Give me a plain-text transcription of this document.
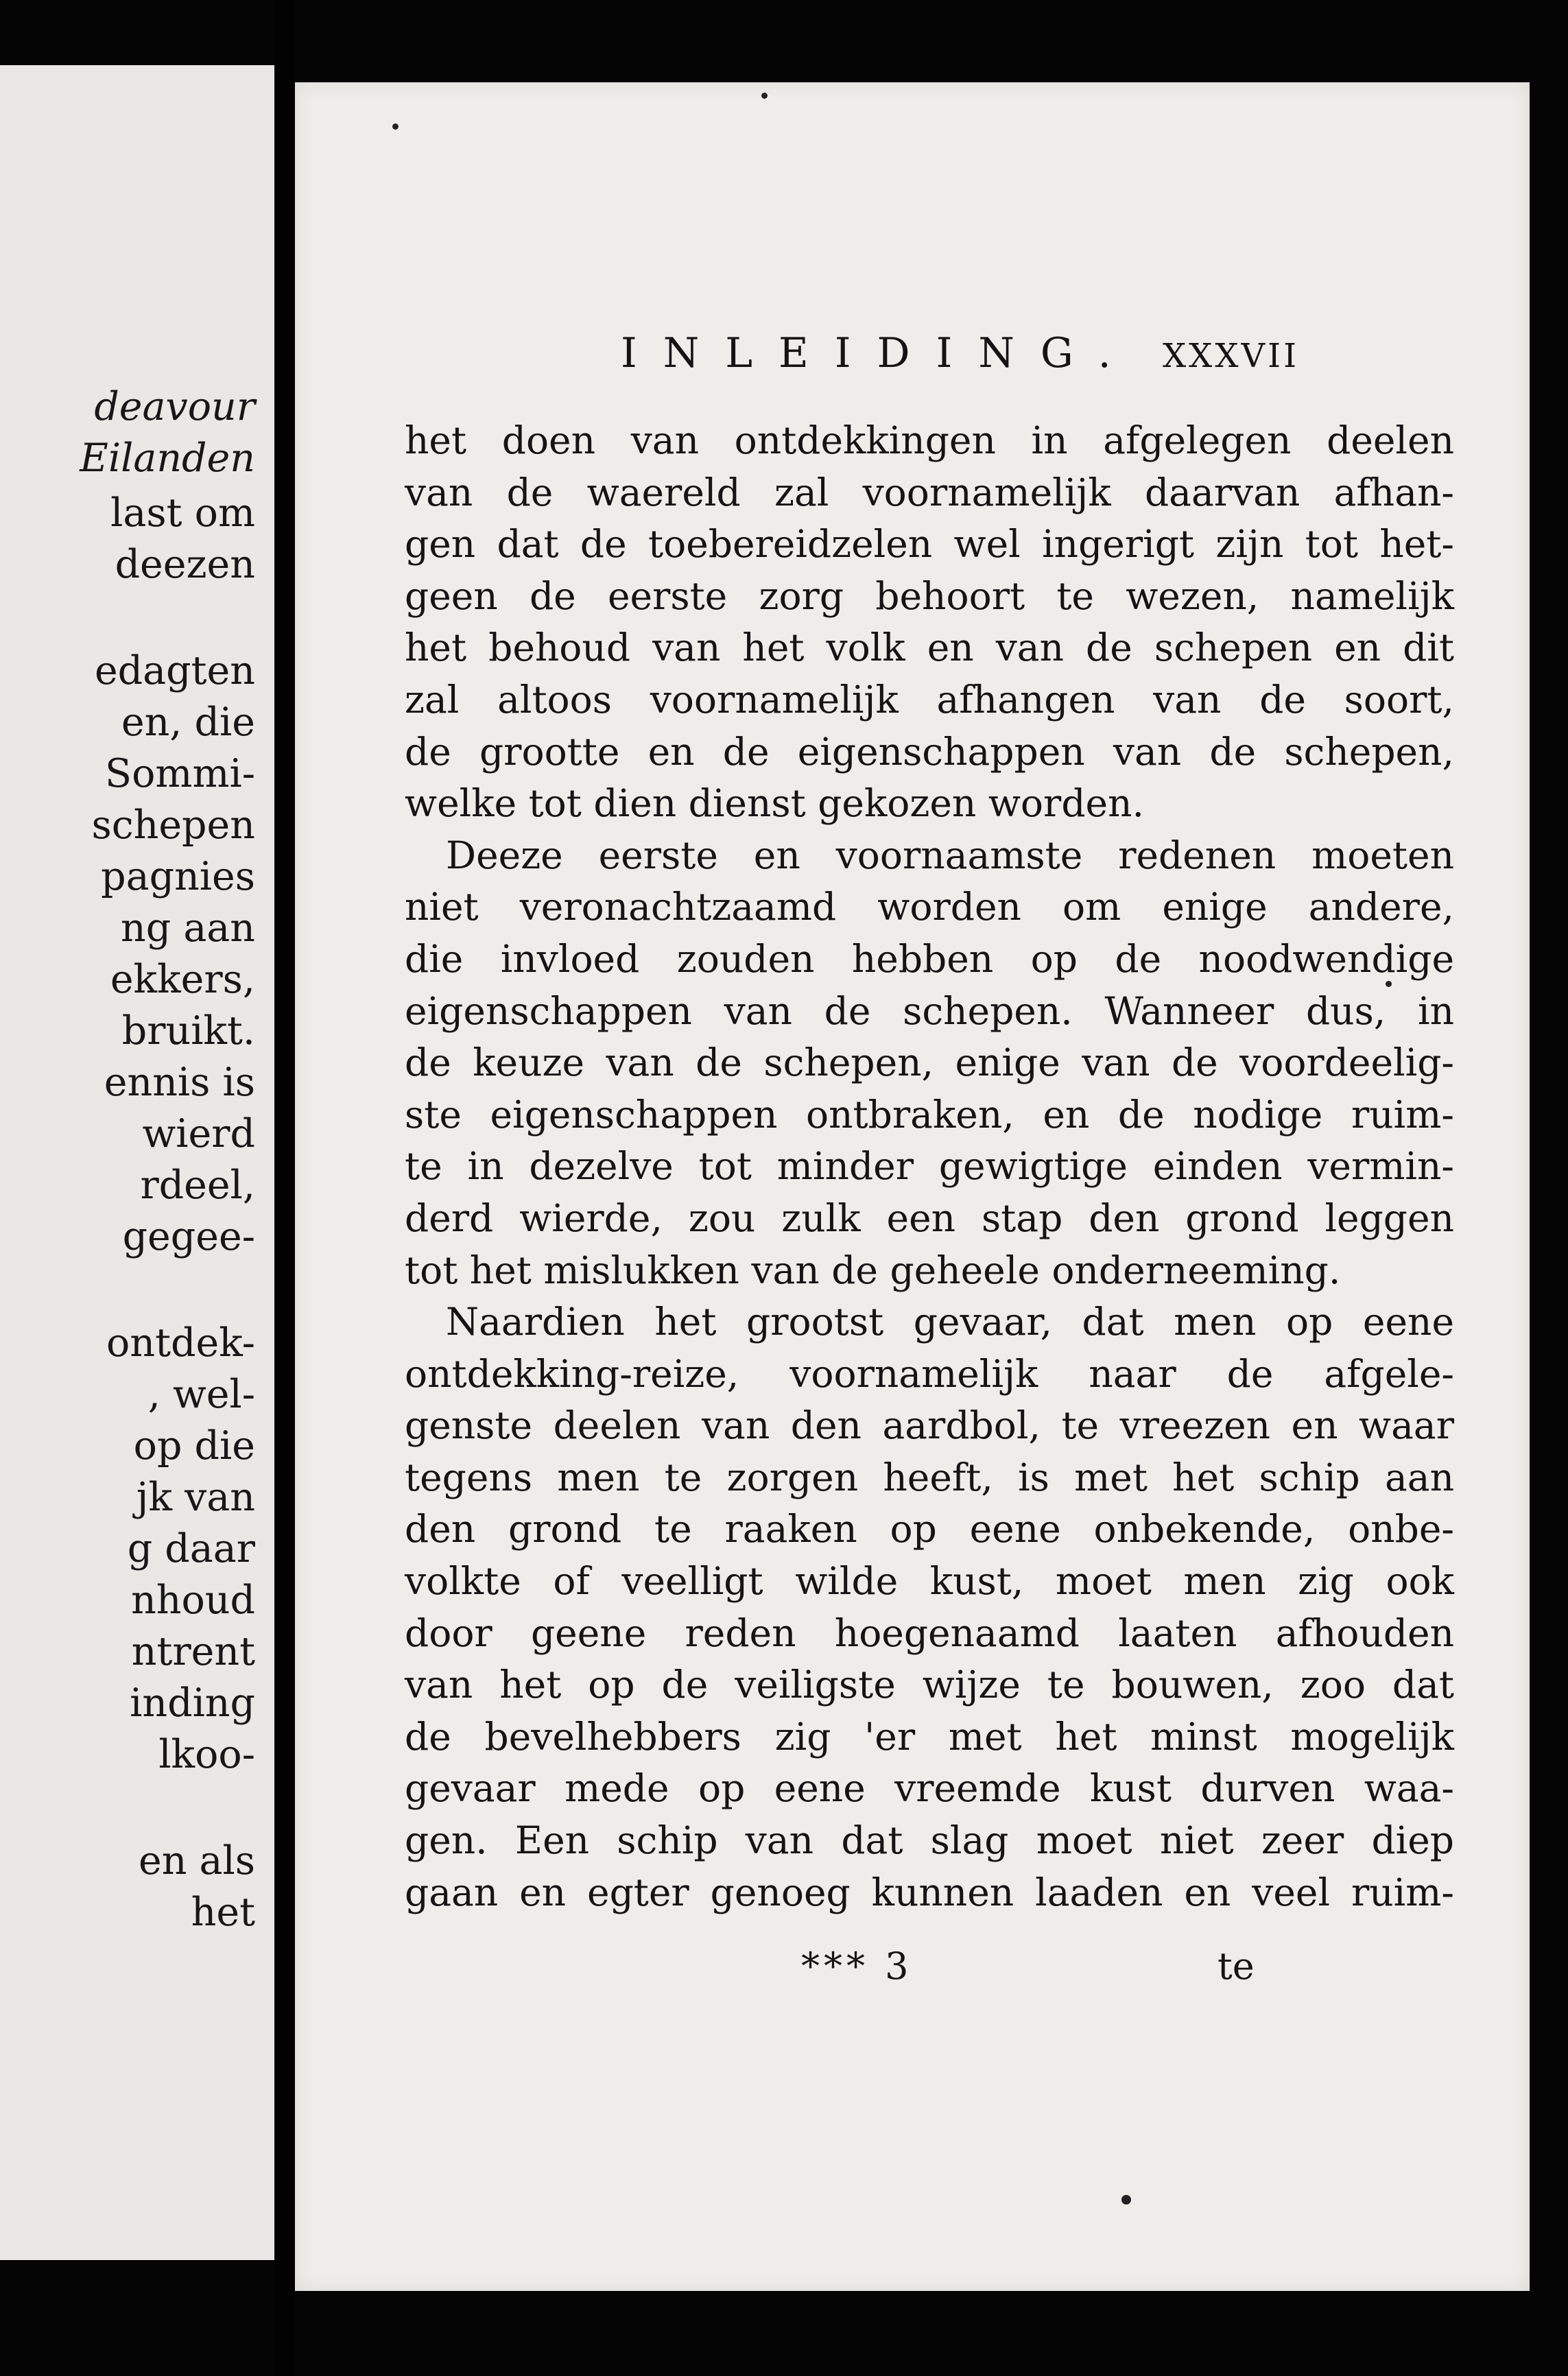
deavour

Eilanden

last om

deezen

edagten

en, die

Sommi-

schepen

pagnies

ng aan

ekkers,

bruikt.

ennis is

wierd

rdeel,

gegee-

ontdek-

, wel-

op die

jk van

g daar

nhoud

ntrent

inding

lkoo-

en als

het

INLEIDING. XXXVII

het doen van ontdekkingen in afgelegen deelen

van de waereld zal voornamelijk daarvan afhan-

gen dat de toebereidzelen wel ingerigt zijn tot het-

geen de eerste zorg behoort te wezen, namelijk

het behoud van het volk en van de schepen en dit

zal altoos voornamelijk afhangen van de soort,

de grootte en de eigenschappen van de schepen,

welke tot dien dienst gekozen worden.

Deeze eerste en voornaamste redenen moeten

niet veronachtzaamd worden om enige andere,

die invloed zouden hebben op de noodwendige

eigenschappen van de schepen. Wanneer dus, in

de keuze van de schepen, enige van de voordeelig-

ste eigenschappen ontbraken, en de nodige ruim-

te in dezelve tot minder gewigtige einden vermin-

derd wierde, zou zulk een stap den grond leggen

tot het mislukken van de geheele onderneeming.

Naardien het grootst gevaar, dat men op eene

ontdekking-reize, voornamelijk naar de afgele-

genste deelen van den aardbol, te vreezen en waar

tegens men te zorgen heeft, is met het schip aan

den grond te raaken op eene onbekende, onbe-

volkte of veelligt wilde kust, moet men zig ook

door geene reden hoegenaamd laaten afhouden

van het op de veiligste wijze te bouwen, zoo dat

de bevelhebbers zig 'er met het minst mogelijk

gevaar mede op eene vreemde kust durven waa-

gen. Een schip van dat slag moet niet zeer diep

gaan en egter genoeg kunnen laaden en veel ruim-

*** 3	te
